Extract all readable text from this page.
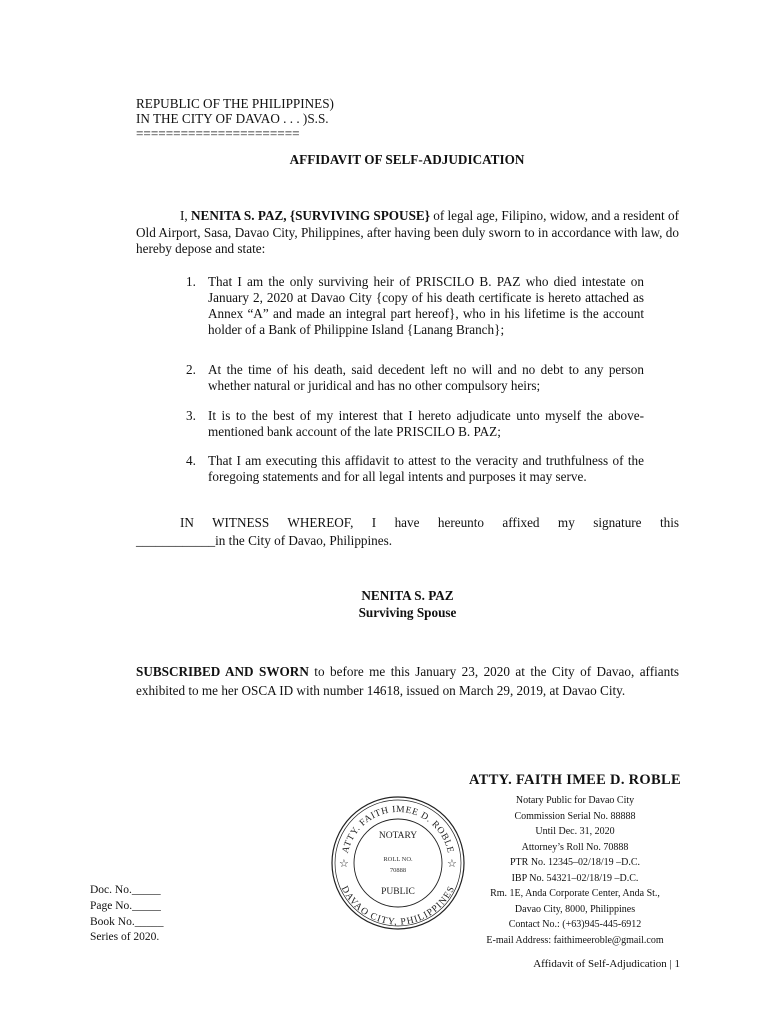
REPUBLIC OF THE PHILIPPINES)
IN THE CITY OF DAVAO . . . )S.S.
======================
AFFIDAVIT OF SELF-ADJUDICATION
I, NENITA S. PAZ, {SURVIVING SPOUSE} of legal age, Filipino, widow, and a resident of Old Airport, Sasa, Davao City, Philippines, after having been duly sworn to in accordance with law, do hereby depose and state:
1. That I am the only surviving heir of PRISCILO B. PAZ who died intestate on January 2, 2020 at Davao City {copy of his death certificate is hereto attached as Annex “A” and made an integral part hereof}, who in his lifetime is the account holder of a Bank of Philippine Island {Lanang Branch};
2. At the time of his death, said decedent left no will and no debt to any person whether natural or juridical and has no other compulsory heirs;
3. It is to the best of my interest that I hereto adjudicate unto myself the above-mentioned bank account of the late PRISCILO B. PAZ;
4. That I am executing this affidavit to attest to the veracity and truthfulness of the foregoing statements and for all legal intents and purposes it may serve.
IN WITNESS WHEREOF, I have hereunto affixed my signature this
____________in the City of Davao, Philippines.
NENITA S. PAZ
Surviving Spouse
SUBSCRIBED AND SWORN to before me this January 23, 2020 at the City of Davao, affiants exhibited to me her OSCA ID with number 14618, issued on March 29, 2019, at Davao City.
ATTY. FAITH IMEE D. ROBLE
Notary Public for Davao City
Commission Serial No. 88888
Until Dec. 31, 2020
Attorney’s Roll No. 70888
PTR No. 12345–02/18/19 –D.C.
IBP No. 54321–02/18/19 –D.C.
Rm. 1E, Anda Corporate Center, Anda St.,
Davao City, 8000, Philippines
Contact No.: (+63)945-445-6912
E-mail Address: faithimeeroble@gmail.com
ATTY. FAITH IMEE D. ROBLE
DAVAO CITY, PHILIPPINES
☆	☆
NOTARY
ROLL NO.
70888
PUBLIC
Doc. No._____
Page No._____
Book No._____
Series of 2020.
Affidavit of Self-Adjudication | 1
